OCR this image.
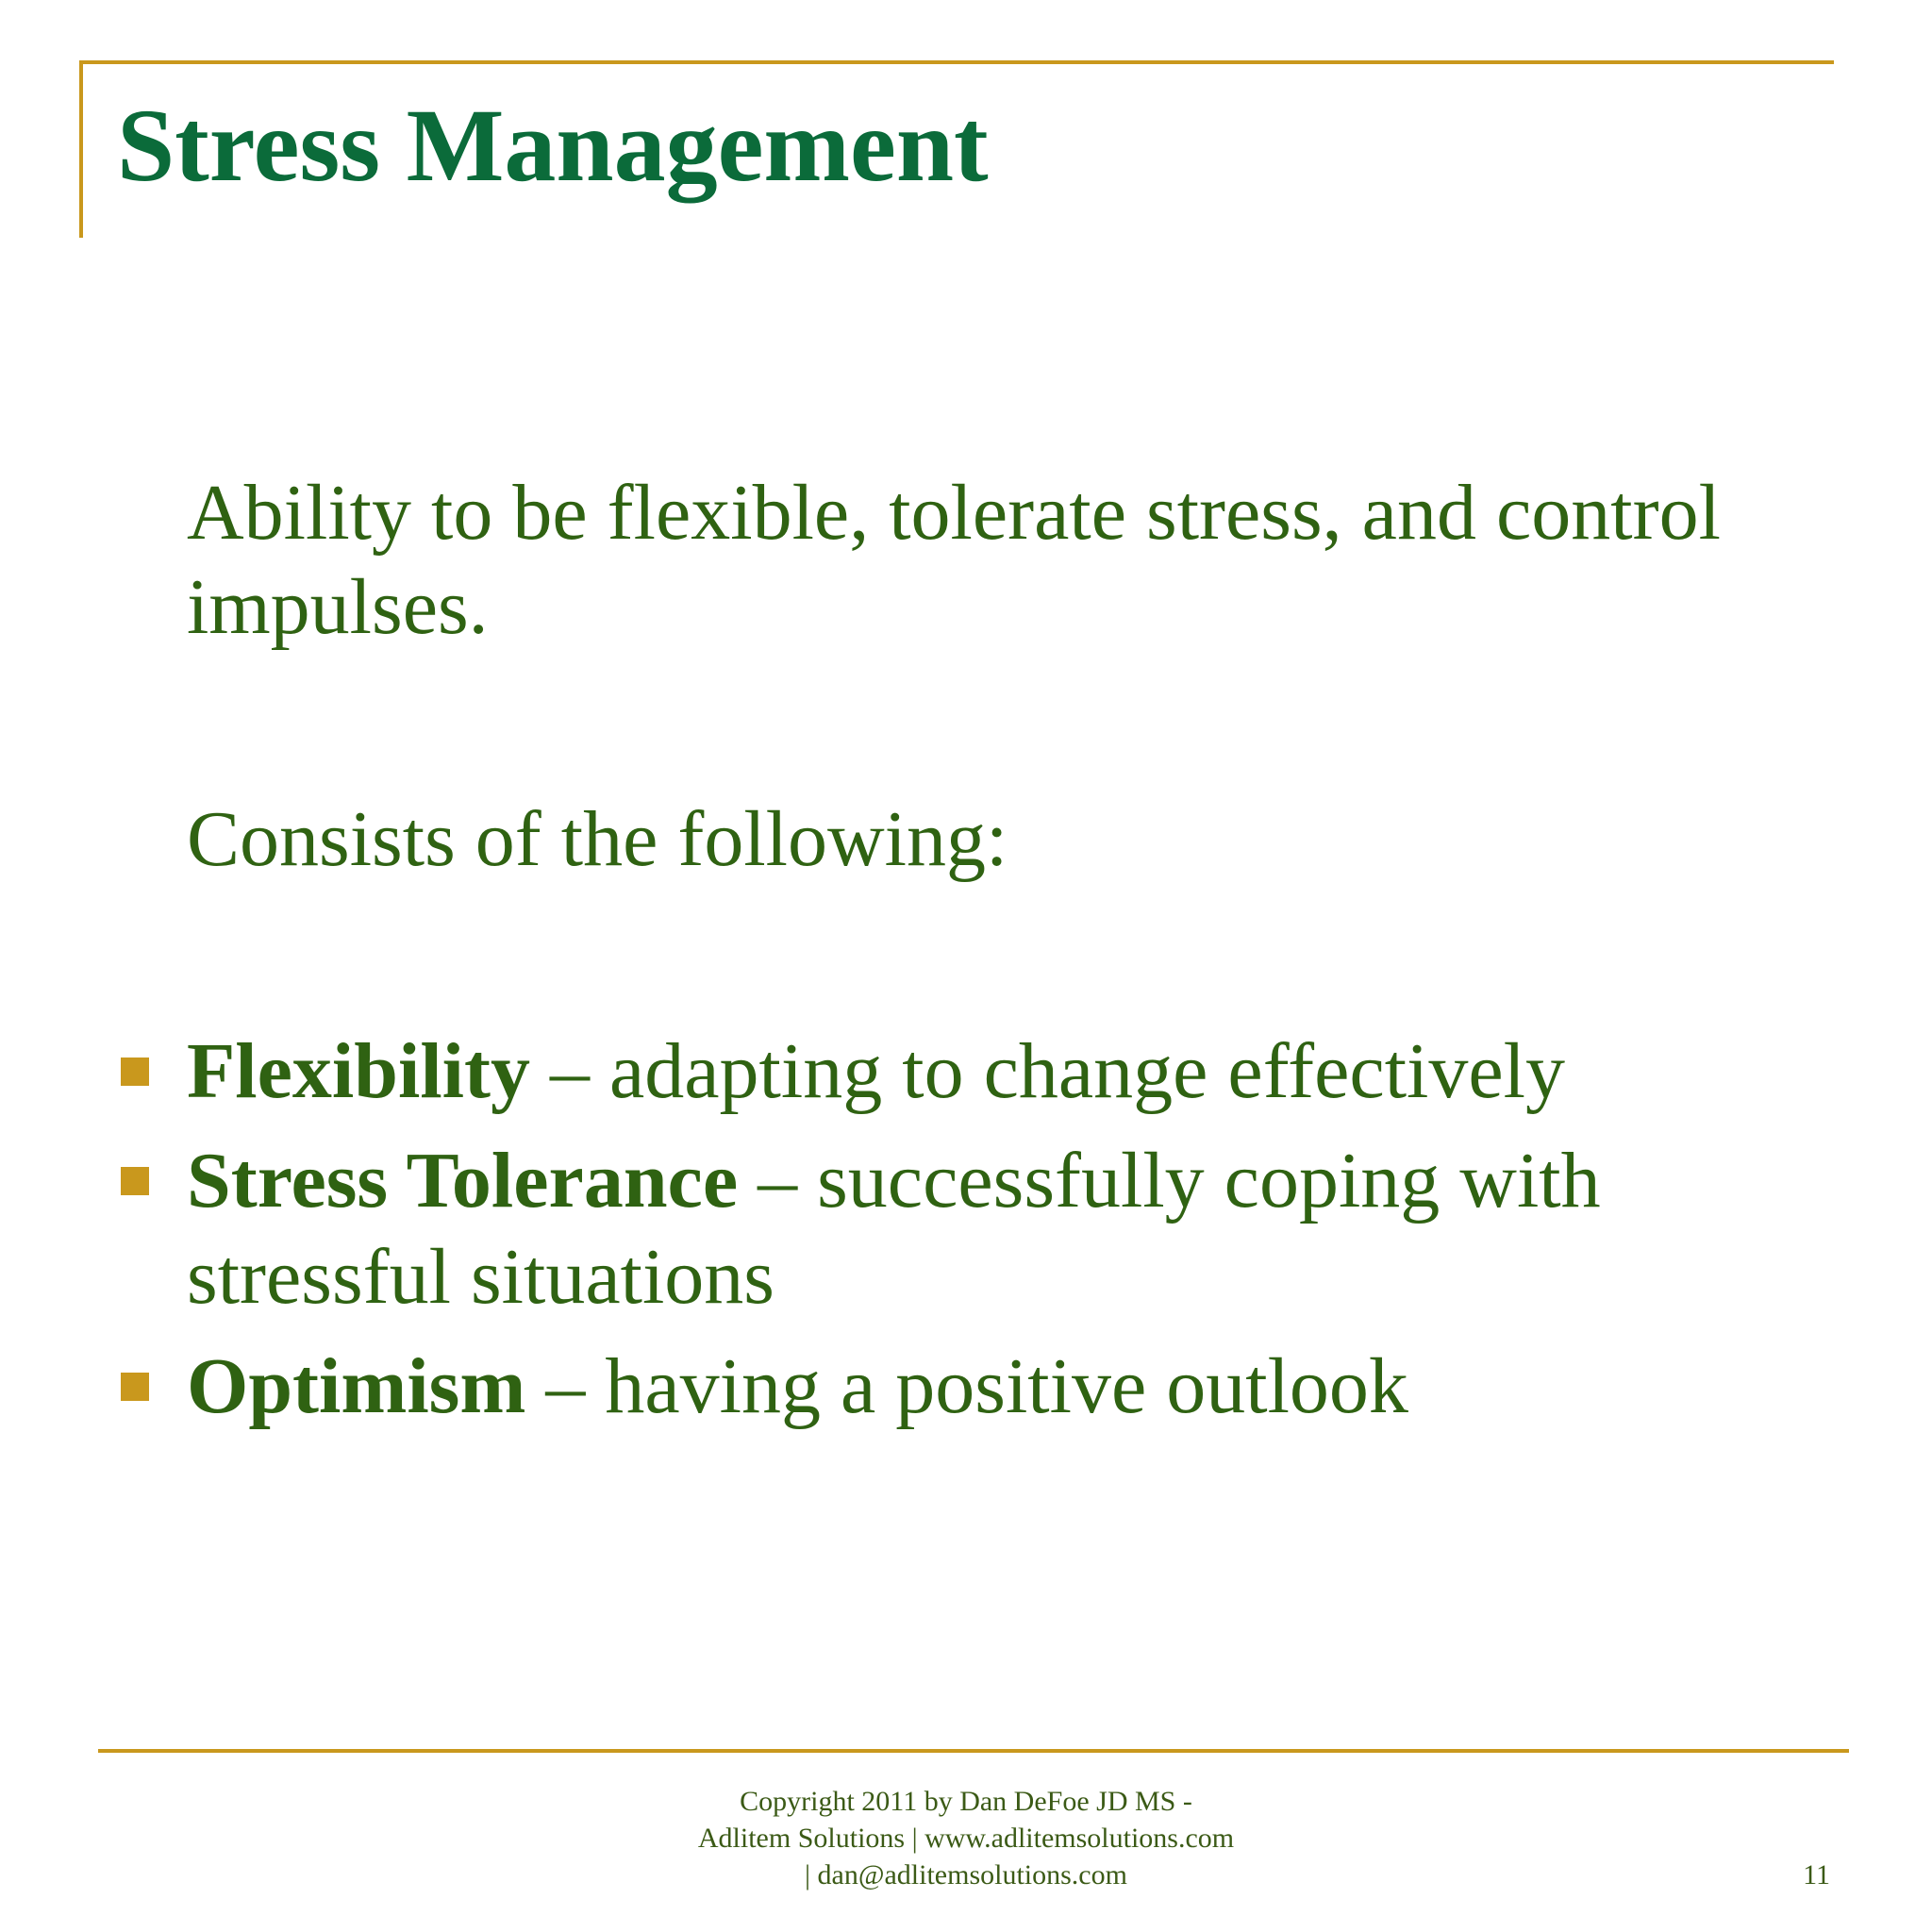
Stress Management

Ability to be flexible, tolerate stress, and control impulses.

Consists of the following:

Flexibility – adapting to change effectively
Stress Tolerance – successfully coping with stressful situations
Optimism – having a positive outlook
Copyright 2011 by Dan DeFoe JD MS -
Adlitem Solutions | www.adlitemsolutions.com
| dan@adlitemsolutions.com	11
